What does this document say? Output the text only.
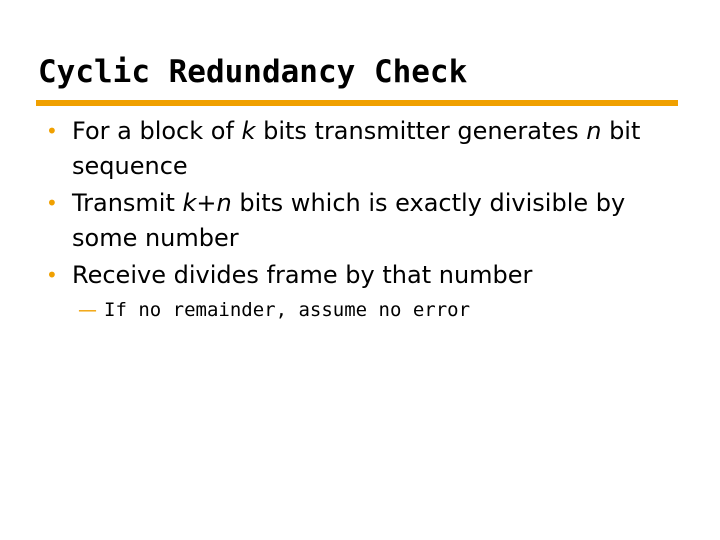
Cyclic Redundancy Check
• For a block of k bits transmitter generates n bit sequence
• Transmit k+n bits which is exactly divisible by some number
• Receive divides frame by that number
— If no remainder, assume no error
